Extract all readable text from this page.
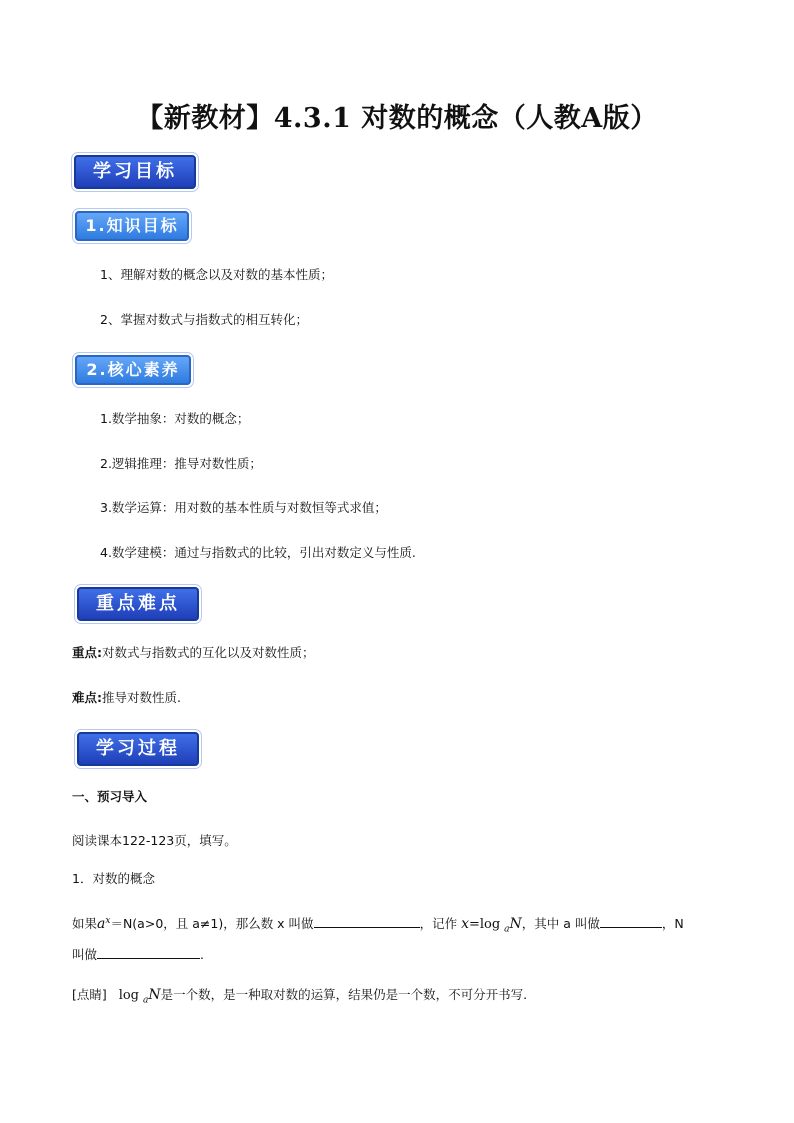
【新教材】4.3.1 对数的概念（人教A版）
学习目标
1.知识目标
1、理解对数的概念以及对数的基本性质；
2、掌握对数式与指数式的相互转化；
2.核心素养
1.数学抽象：对数的概念；
2.逻辑推理：推导对数性质；
3.数学运算：用对数的基本性质与对数恒等式求值；
4.数学建模：通过与指数式的比较，引出对数定义与性质.
重点难点
重点:对数式与指数式的互化以及对数性质；
难点:推导对数性质.
学习过程
一、预习导入
阅读课本122-123页，填写。
1．对数的概念
如果$a^x=N(a>0$，且 a≠1)，那么数 x 叫做	，记作 x=log $_a$N，其中 a 叫做	，N
叫做	.
[点睛] log $_a$N是一个数，是一种取对数的运算，结果仍是一个数，不可分开书写.
